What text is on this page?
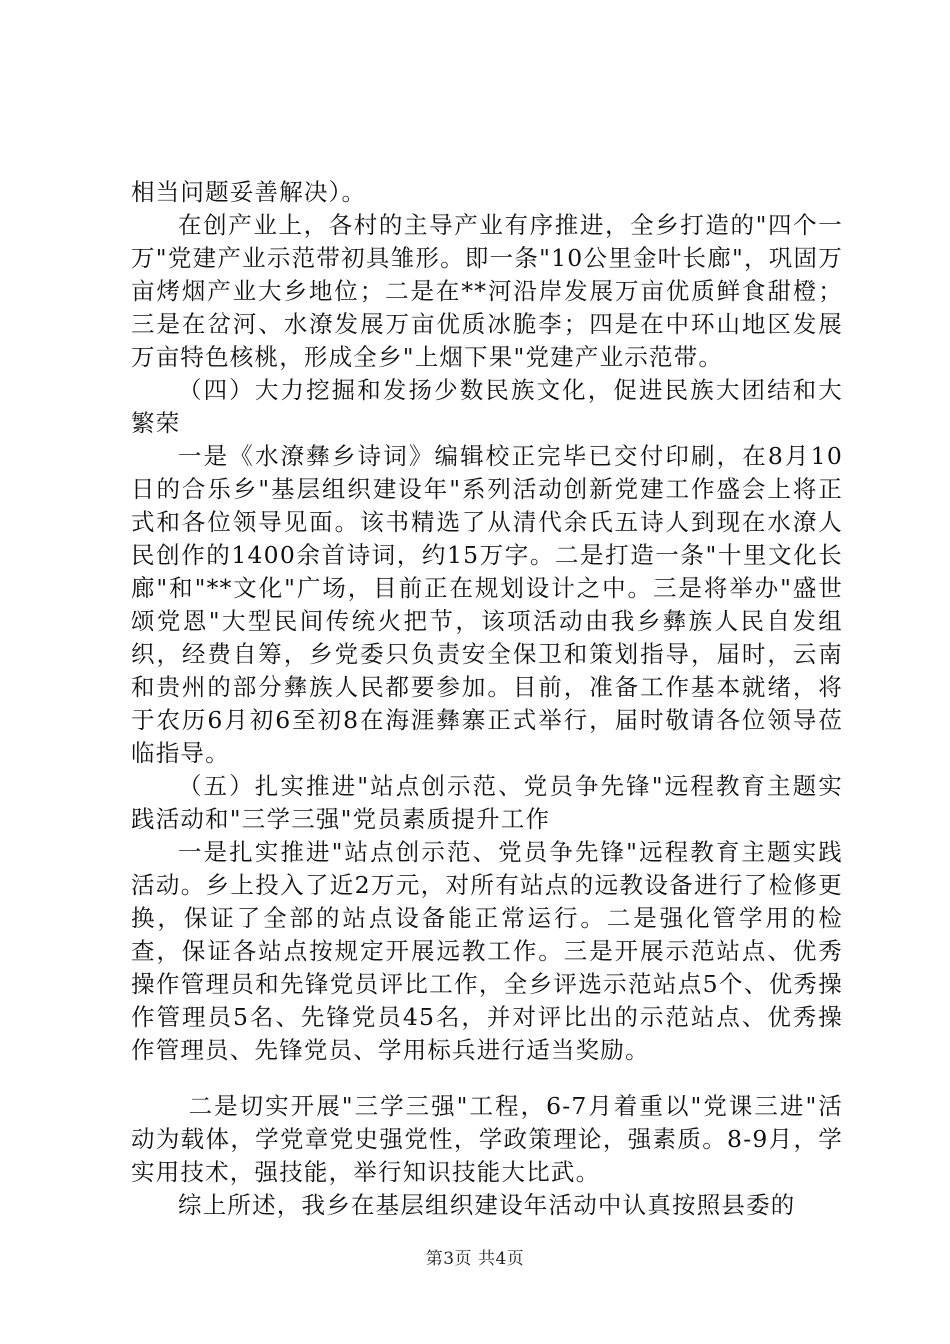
相当问题妥善解决）。

在创产业上，各村的主导产业有序推进，全乡打造的"四个一万"党建产业示范带初具雏形。即一条"10公里金叶长廊"，巩固万亩烤烟产业大乡地位；二是在**河沿岸发展万亩优质鲜食甜橙；三是在岔河、水潦发展万亩优质冰脆李；四是在中环山地区发展万亩特色核桃，形成全乡"上烟下果"党建产业示范带。

（四）大力挖掘和发扬少数民族文化，促进民族大团结和大繁荣

一是《水潦彝乡诗词》编辑校正完毕已交付印刷，在8月10日的合乐乡"基层组织建设年"系列活动创新党建工作盛会上将正式和各位领导见面。该书精选了从清代余氏五诗人到现在水潦人民创作的1400余首诗词，约15万字。二是打造一条"十里文化长廊"和"**文化"广场，目前正在规划设计之中。三是将举办"盛世颂党恩"大型民间传统火把节，该项活动由我乡彝族人民自发组织，经费自筹，乡党委只负责安全保卫和策划指导，届时，云南和贵州的部分彝族人民都要参加。目前，准备工作基本就绪，将于农历6月初6至初8在海涯彝寨正式举行，届时敬请各位领导莅临指导。

（五）扎实推进"站点创示范、党员争先锋"远程教育主题实践活动和"三学三强"党员素质提升工作

一是扎实推进"站点创示范、党员争先锋"远程教育主题实践活动。乡上投入了近2万元，对所有站点的远教设备进行了检修更换，保证了全部的站点设备能正常运行。二是强化管学用的检查，保证各站点按规定开展远教工作。三是开展示范站点、优秀操作管理员和先锋党员评比工作，全乡评选示范站点5个、优秀操作管理员5名、先锋党员45名，并对评比出的示范站点、优秀操作管理员、先锋党员、学用标兵进行适当奖励。

二是切实开展"三学三强"工程，6-7月着重以"党课三进"活动为载体，学党章党史强党性，学政策理论，强素质。8-9月，学实用技术，强技能，举行知识技能大比武。

综上所述，我乡在基层组织建设年活动中认真按照县委的

第3页 共4页
